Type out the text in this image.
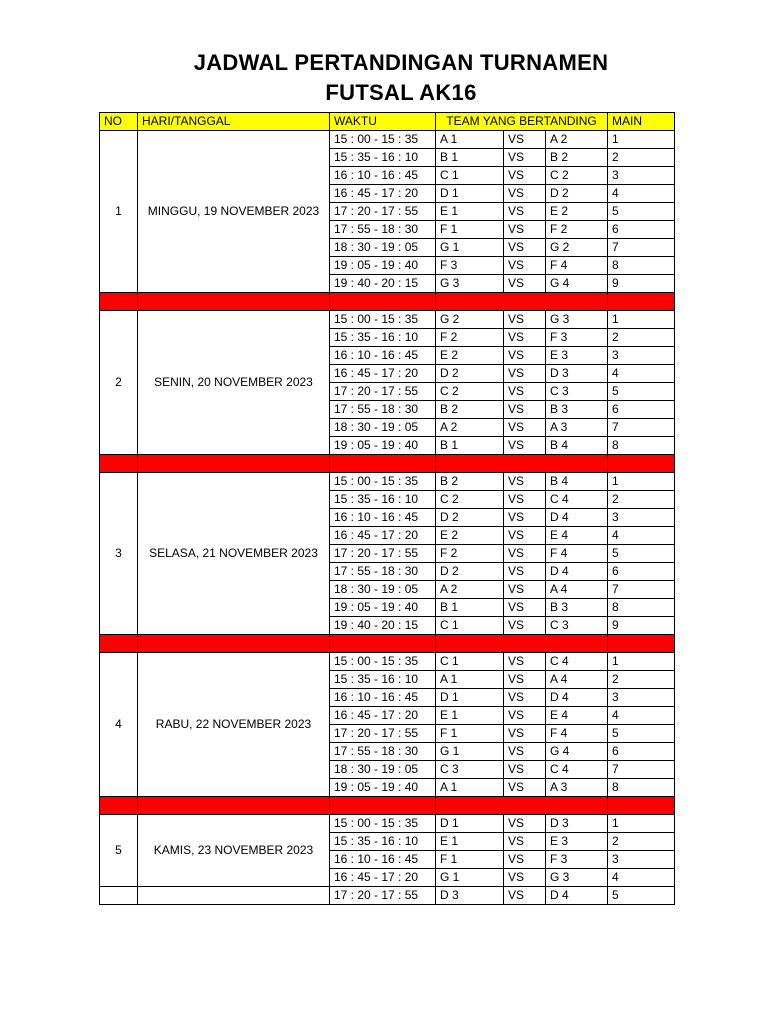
JADWAL PERTANDINGAN TURNAMEN
FUTSAL AK16
NO	HARI/TANGGAL	WAKTU	TEAM YANG BERTANDING			MAIN
1	MINGGU, 19 NOVEMBER 2023	15 : 00 - 15 : 35	A 1	VS	A 2	1
		15 : 35 - 16 : 10	B 1	VS	B 2	2
		16 : 10 - 16 : 45	C 1	VS	C 2	3
		16 : 45 - 17 : 20	D 1	VS	D 2	4
		17 : 20 - 17 : 55	E 1	VS	E 2	5
		17 : 55 - 18 : 30	F 1	VS	F 2	6
		18 : 30 - 19 : 05	G 1	VS	G 2	7
		19 : 05 - 19 : 40	F 3	VS	F 4	8
		19 : 40 - 20 : 15	G 3	VS	G 4	9

2	SENIN, 20 NOVEMBER 2023	15 : 00 - 15 : 35	G 2	VS	G 3	1
		15 : 35 - 16 : 10	F 2	VS	F 3	2
		16 : 10 - 16 : 45	E 2	VS	E 3	3
		16 : 45 - 17 : 20	D 2	VS	D 3	4
		17 : 20 - 17 : 55	C 2	VS	C 3	5
		17 : 55 - 18 : 30	B 2	VS	B 3	6
		18 : 30 - 19 : 05	A 2	VS	A 3	7
		19 : 05 - 19 : 40	B 1	VS	B 4	8

3	SELASA, 21 NOVEMBER 2023	15 : 00 - 15 : 35	B 2	VS	B 4	1
		15 : 35 - 16 : 10	C 2	VS	C 4	2
		16 : 10 - 16 : 45	D 2	VS	D 4	3
		16 : 45 - 17 : 20	E 2	VS	E 4	4
		17 : 20 - 17 : 55	F 2	VS	F 4	5
		17 : 55 - 18 : 30	D 2	VS	D 4	6
		18 : 30 - 19 : 05	A 2	VS	A 4	7
		19 : 05 - 19 : 40	B 1	VS	B 3	8
		19 : 40 - 20 : 15	C 1	VS	C 3	9

4	RABU, 22 NOVEMBER 2023	15 : 00 - 15 : 35	C 1	VS	C 4	1
		15 : 35 - 16 : 10	A 1	VS	A 4	2
		16 : 10 - 16 : 45	D 1	VS	D 4	3
		16 : 45 - 17 : 20	E 1	VS	E 4	4
		17 : 20 - 17 : 55	F 1	VS	F 4	5
		17 : 55 - 18 : 30	G 1	VS	G 4	6
		18 : 30 - 19 : 05	C 3	VS	C 4	7
		19 : 05 - 19 : 40	A 1	VS	A 3	8

5	KAMIS, 23 NOVEMBER 2023	15 : 00 - 15 : 35	D 1	VS	D 3	1
		15 : 35 - 16 : 10	E 1	VS	E 3	2
		16 : 10 - 16 : 45	F 1	VS	F 3	3
		16 : 45 - 17 : 20	G 1	VS	G 3	4
		17 : 20 - 17 : 55	D 3	VS	D 4	5
